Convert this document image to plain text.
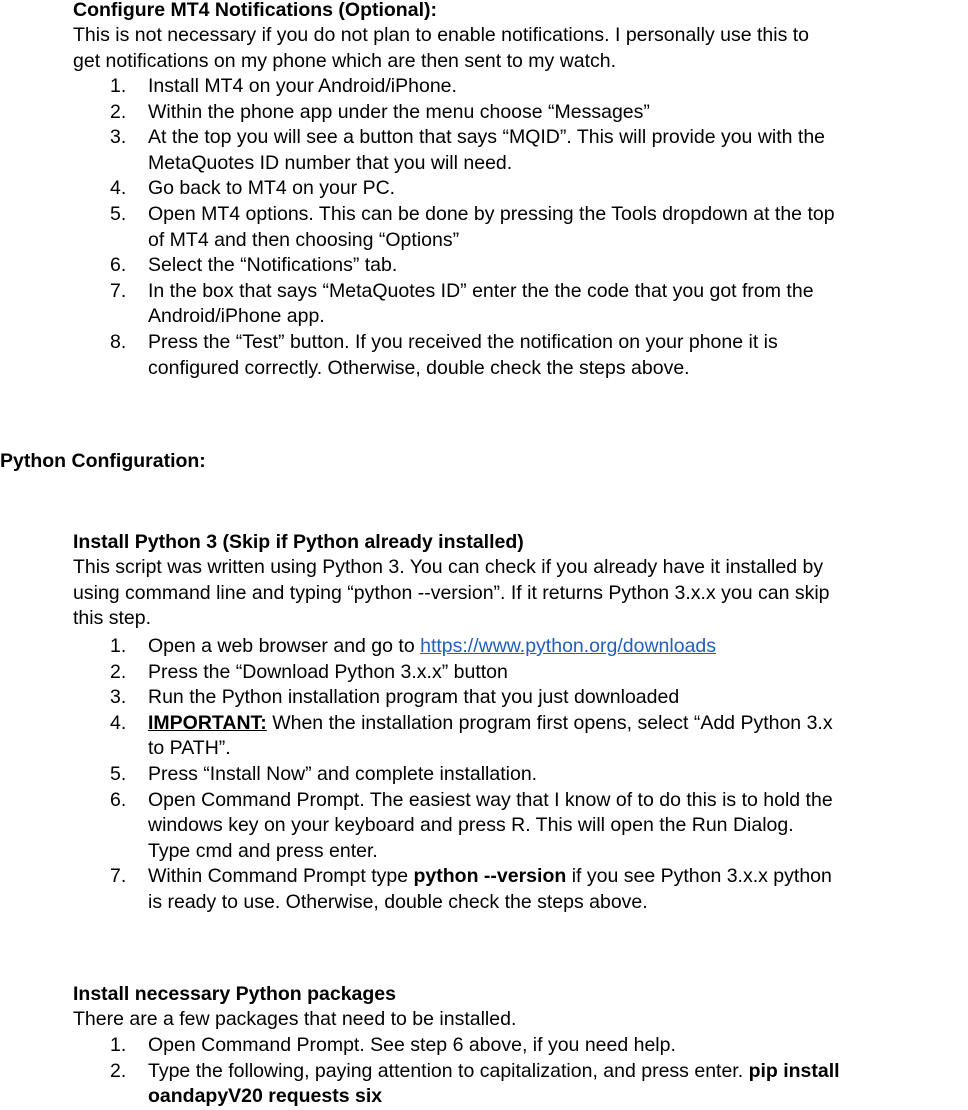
Configure MT4 Notifications (Optional):
This is not necessary if you do not plan to enable notifications. I personally use this to
get notifications on my phone which are then sent to my watch.
1. Install MT4 on your Android/iPhone.
2. Within the phone app under the menu choose “Messages”
3. At the top you will see a button that says “MQID”. This will provide you with the
MetaQuotes ID number that you will need.
4. Go back to MT4 on your PC.
5. Open MT4 options. This can be done by pressing the Tools dropdown at the top
of MT4 and then choosing “Options”
6. Select the “Notifications” tab.
7. In the box that says “MetaQuotes ID” enter the the code that you got from the
Android/iPhone app.
8. Press the “Test” button. If you received the notification on your phone it is
configured correctly. Otherwise, double check the steps above.
Python Configuration:
Install Python 3 (Skip if Python already installed)
This script was written using Python 3. You can check if you already have it installed by
using command line and typing “python --version”. If it returns Python 3.x.x you can skip
this step.
1. Open a web browser and go to https://www.python.org/downloads
2. Press the “Download Python 3.x.x” button
3. Run the Python installation program that you just downloaded
4. IMPORTANT: When the installation program first opens, select “Add Python 3.x
to PATH”.
5. Press “Install Now” and complete installation.
6. Open Command Prompt. The easiest way that I know of to do this is to hold the
windows key on your keyboard and press R. This will open the Run Dialog.
Type cmd and press enter.
7. Within Command Prompt type python --version if you see Python 3.x.x python
is ready to use. Otherwise, double check the steps above.
Install necessary Python packages
There are a few packages that need to be installed.
1. Open Command Prompt. See step 6 above, if you need help.
2. Type the following, paying attention to capitalization, and press enter. pip install
oandapyV20 requests six
